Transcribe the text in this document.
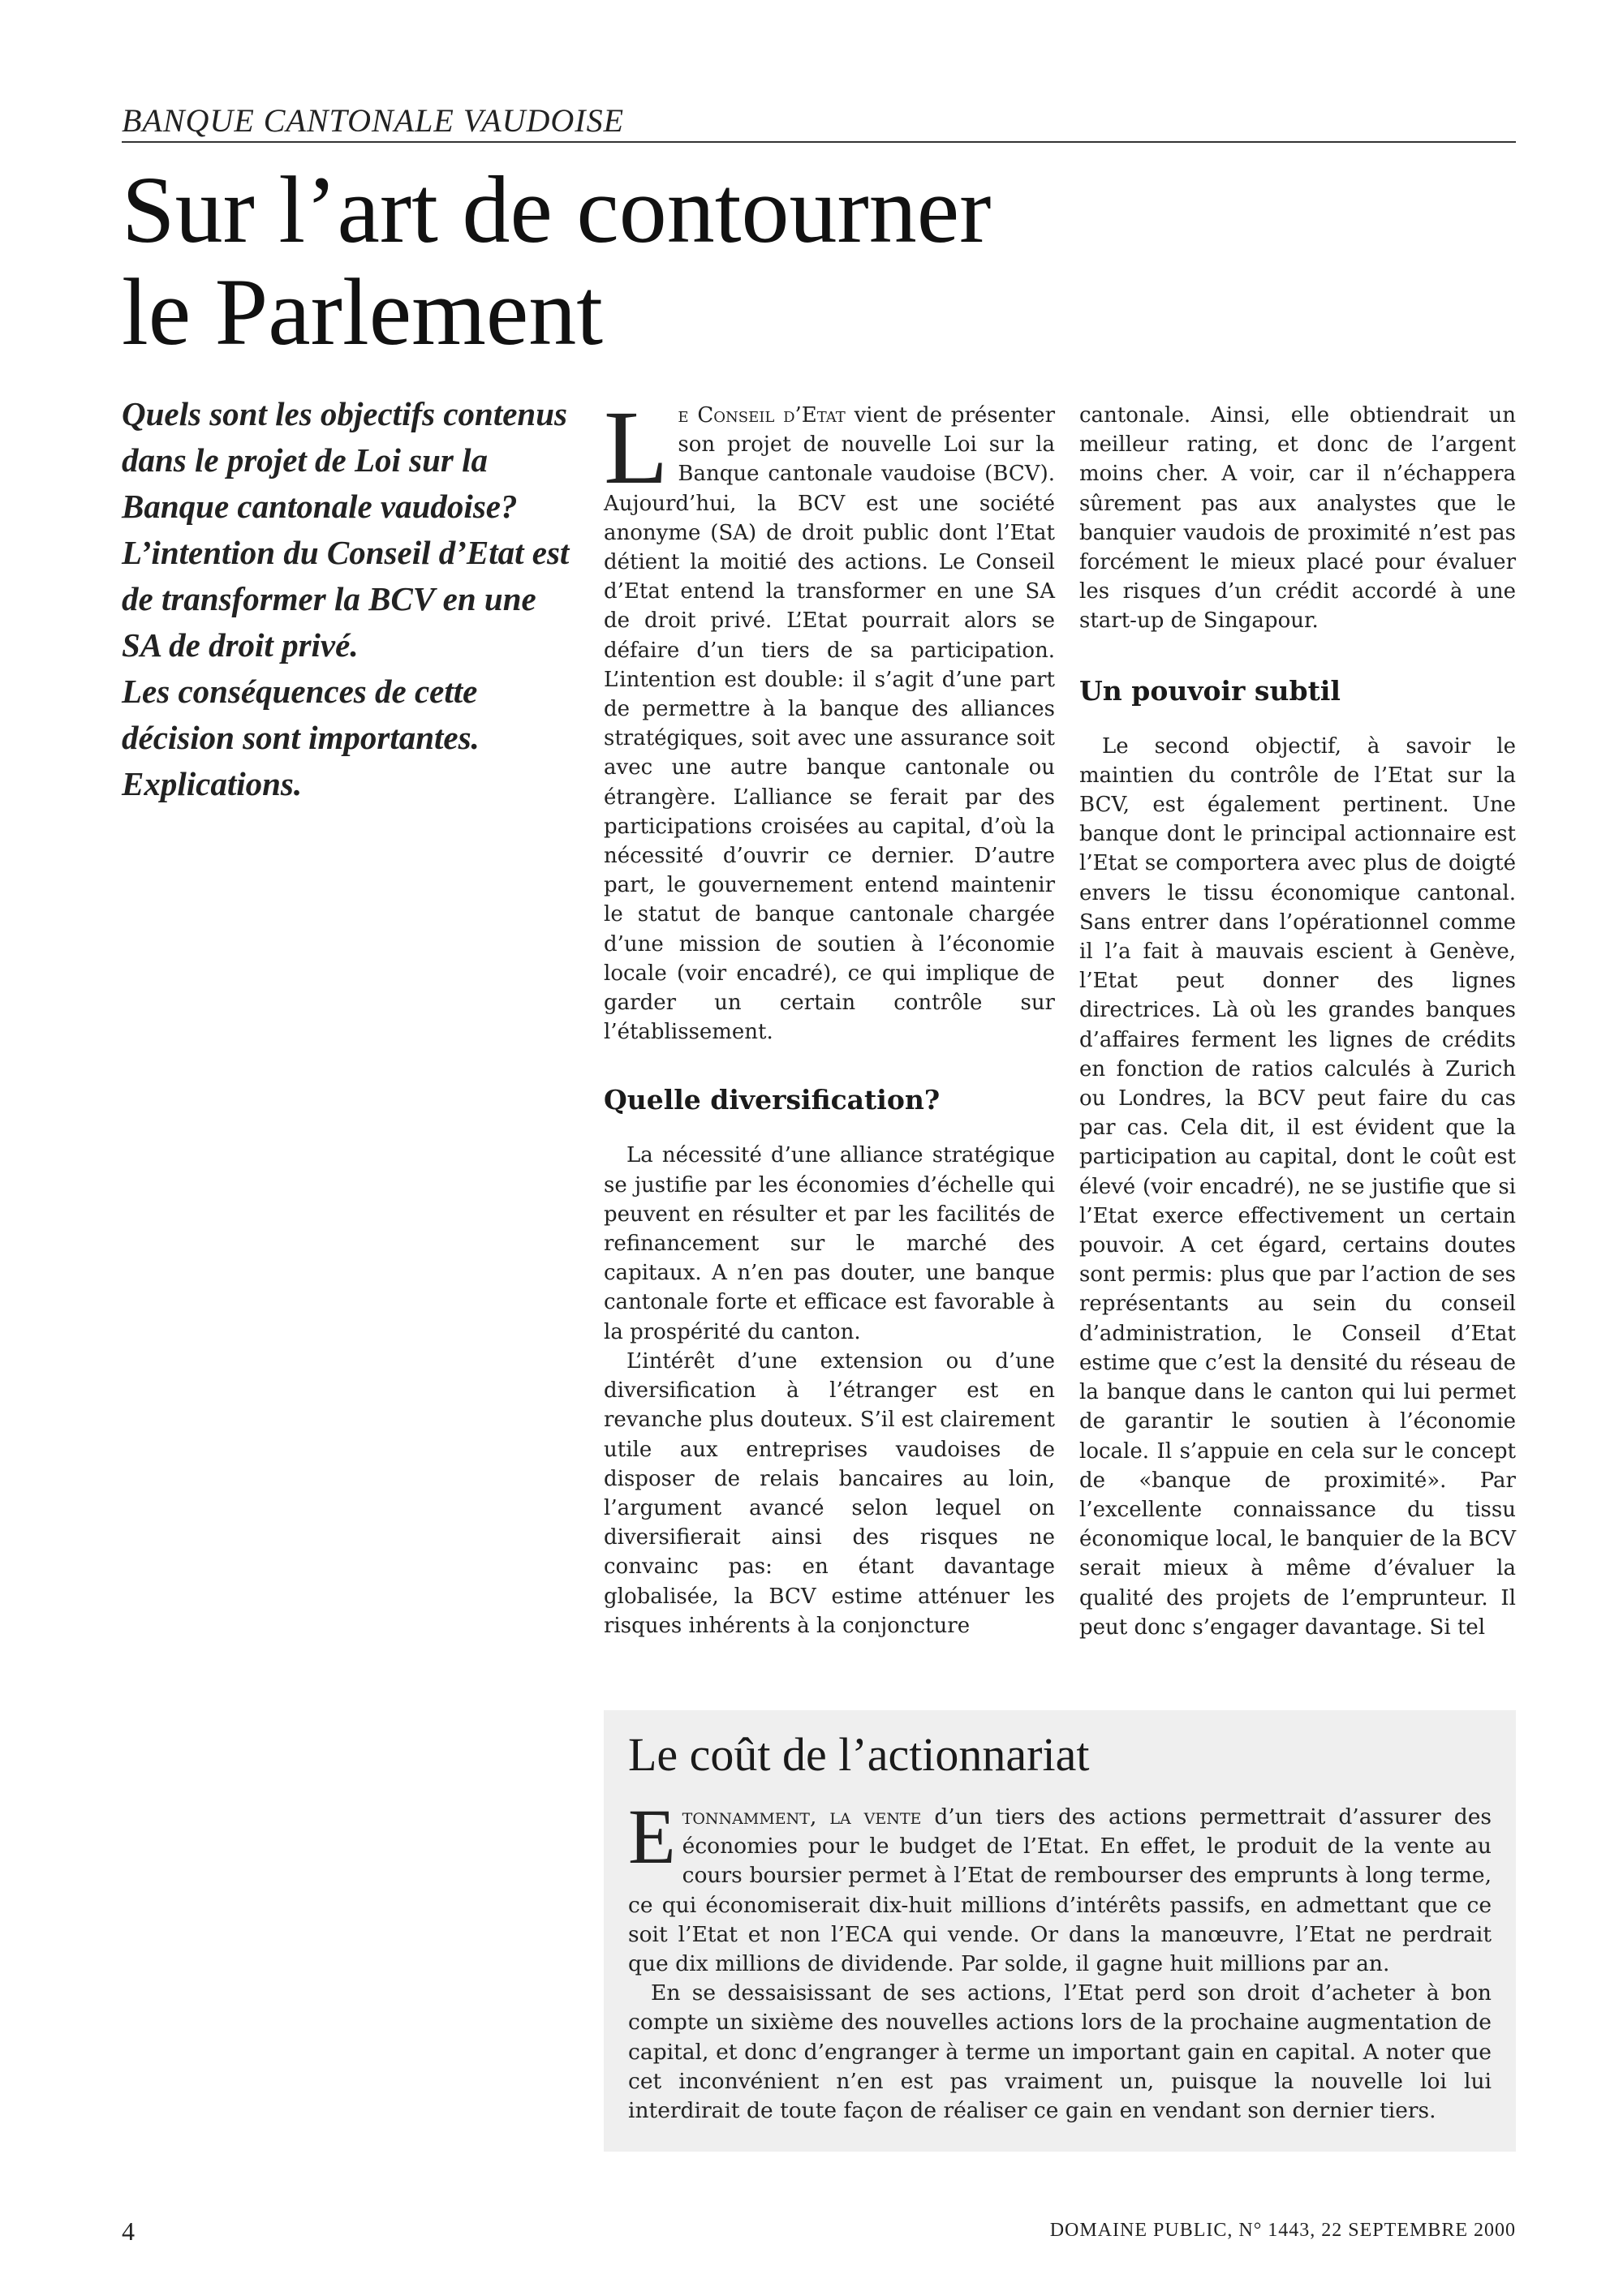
BANQUE CANTONALE VAUDOISE
Sur l’art de contourner
le Parlement

Quels sont les objectifs contenus dans le projet de Loi sur la Banque cantonale vaudoise?

L’intention du Conseil d’Etat est de transformer la BCV en une SA de droit privé.

Les conséquences de cette décision sont importantes. Explications.

Le Conseil d’Etat vient de présenter son projet de nouvelle Loi sur la Banque cantonale vaudoise (BCV). Aujourd’hui, la BCV est une société anonyme (SA) de droit public dont l’Etat détient la moitié des actions. Le Conseil d’Etat entend la transformer en une SA de droit privé. L’Etat pourrait alors se défaire d’un tiers de sa participation. L’intention est double: il s’agit d’une part de permettre à la banque des alliances stratégiques, soit avec une assurance soit avec une autre banque cantonale ou étrangère. L’alliance se ferait par des participations croisées au capital, d’où la nécessité d’ouvrir ce dernier. D’autre part, le gouvernement entend maintenir le statut de banque cantonale chargée d’une mission de soutien à l’économie locale (voir encadré), ce qui implique de garder un certain contrôle sur l’établissement.

Quelle diversification?

La nécessité d’une alliance stratégique se justifie par les économies d’échelle qui peuvent en résulter et par les facilités de refinancement sur le marché des capitaux. A n’en pas douter, une banque cantonale forte et efficace est favorable à la prospérité du canton.

L’intérêt d’une extension ou d’une diversification à l’étranger est en revanche plus douteux. S’il est clairement utile aux entreprises vaudoises de disposer de relais bancaires au loin, l’argument avancé selon lequel on diversifierait ainsi des risques ne convainc pas: en étant davantage globalisée, la BCV estime atténuer les risques inhérents à la conjoncture

cantonale. Ainsi, elle obtiendrait un meilleur rating, et donc de l’argent moins cher. A voir, car il n’échappera sûrement pas aux analystes que le banquier vaudois de proximité n’est pas forcément le mieux placé pour évaluer les risques d’un crédit accordé à une start-up de Singapour.

Un pouvoir subtil

Le second objectif, à savoir le maintien du contrôle de l’Etat sur la BCV, est également pertinent. Une banque dont le principal actionnaire est l’Etat se comportera avec plus de doigté envers le tissu économique cantonal. Sans entrer dans l’opérationnel comme il l’a fait à mauvais escient à Genève, l’Etat peut donner des lignes directrices. Là où les grandes banques d’affaires ferment les lignes de crédits en fonction de ratios calculés à Zurich ou Londres, la BCV peut faire du cas par cas. Cela dit, il est évident que la participation au capital, dont le coût est élevé (voir encadré), ne se justifie que si l’Etat exerce effectivement un certain pouvoir. A cet égard, certains doutes sont permis: plus que par l’action de ses représentants au sein du conseil d’administration, le Conseil d’Etat estime que c’est la densité du réseau de la banque dans le canton qui lui permet de garantir le soutien à l’économie locale. Il s’appuie en cela sur le concept de «banque de proximité». Par l’excellente connaissance du tissu économique local, le banquier de la BCV serait mieux à même d’évaluer la qualité des projets de l’emprunteur. Il peut donc s’engager davantage. Si tel

Le coût de l’actionnariat

Etonnamment, la vente d’un tiers des actions permettrait d’assurer des économies pour le budget de l’Etat. En effet, le produit de la vente au cours boursier permet à l’Etat de rembourser des emprunts à long terme, ce qui économiserait dix-huit millions d’intérêts passifs, en admettant que ce soit l’Etat et non l’ECA qui vende. Or dans la manœuvre, l’Etat ne perdrait que dix millions de dividende. Par solde, il gagne huit millions par an.

En se dessaisissant de ses actions, l’Etat perd son droit d’acheter à bon compte un sixième des nouvelles actions lors de la prochaine augmentation de capital, et donc d’engranger à terme un important gain en capital. A noter que cet inconvénient n’en est pas vraiment un, puisque la nouvelle loi lui interdirait de toute façon de réaliser ce gain en vendant son dernier tiers.

4	DOMAINE PUBLIC, N° 1443, 22 SEPTEMBRE 2000
